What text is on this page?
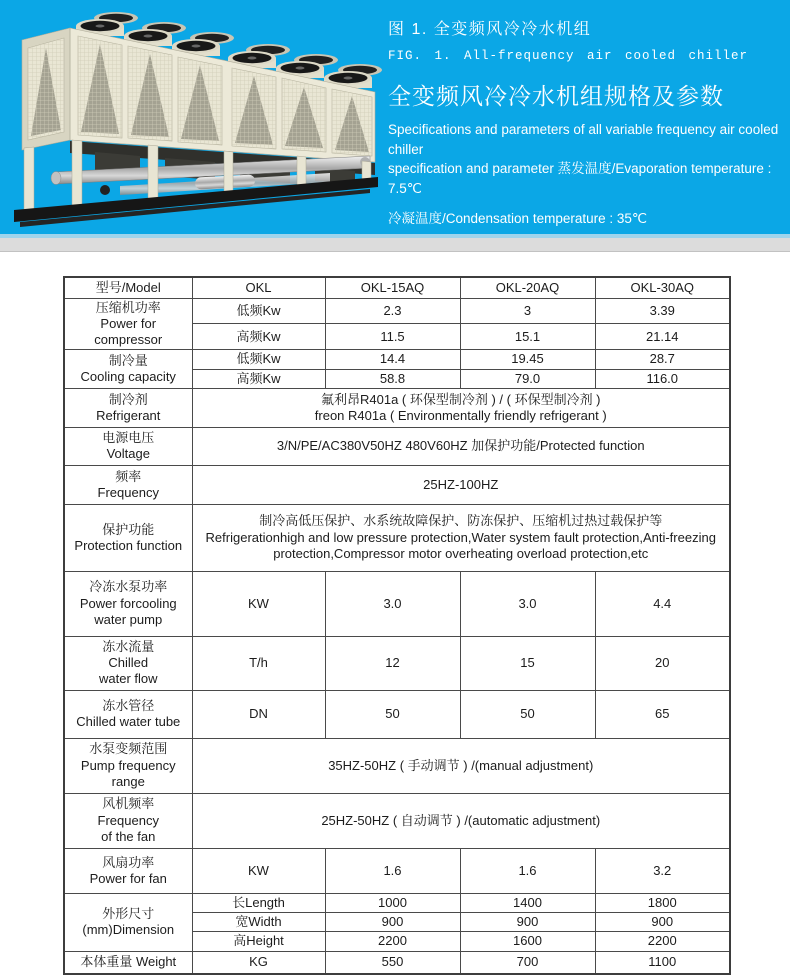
图 1. 全变频风冷冷水机组
FIG. 1. All-frequency air cooled chiller
全变频风冷冷水机组规格及参数
Specifications and parameters of all variable frequency air cooled chiller
specification and parameter 蒸发温度/Evaporation temperature : 7.5℃
冷凝温度/Condensation temperature : 35℃
型号/Model	OKL	OKL-15AQ	OKL-20AQ	OKL-30AQ
压缩机功率
Power for compressor	低频Kw	2.3	3	3.39
	高频Kw	11.5	15.1	21.14
制冷量
Cooling capacity	低频Kw	14.4	19.45	28.7
	高频Kw	58.8	79.0	116.0
制冷剂
Refrigerant	氟利昂R401a ( 环保型制冷剂 ) / ( 环保型制冷剂 )
freon R401a ( Environmentally friendly refrigerant )			
电源电压
Voltage	3/N/PE/AC380V50HZ 480V60HZ 加保护功能/Protected function			
频率
Frequency	25HZ-100HZ			
保护功能
Protection function	制冷高低压保护、水系统故障保护、防冻保护、压缩机过热过载保护等
Refrigerationhigh and low pressure protection,Water system fault protection,Anti-freezing protection,Compressor motor overheating overload protection,etc			
冷冻水泵功率
Power forcooling
water pump	KW	3.0	3.0	4.4
冻水流量
Chilled
water flow	T/h	12	15	20
冻水管径
Chilled water tube	DN	50	50	65
水泵变频范围
Pump frequency
range	35HZ-50HZ ( 手动调节 ) /(manual adjustment)			
风机频率
Frequency
of the fan	25HZ-50HZ ( 自动调节 ) /(automatic adjustment)			
风扇功率
Power for fan	KW	1.6	1.6	3.2
外形尺寸
(mm)Dimension	长Length	1000	1400	1800
	宽Width	900	900	900
	高Height	2200	1600	2200
本体重量 Weight	KG	550	700	1100
